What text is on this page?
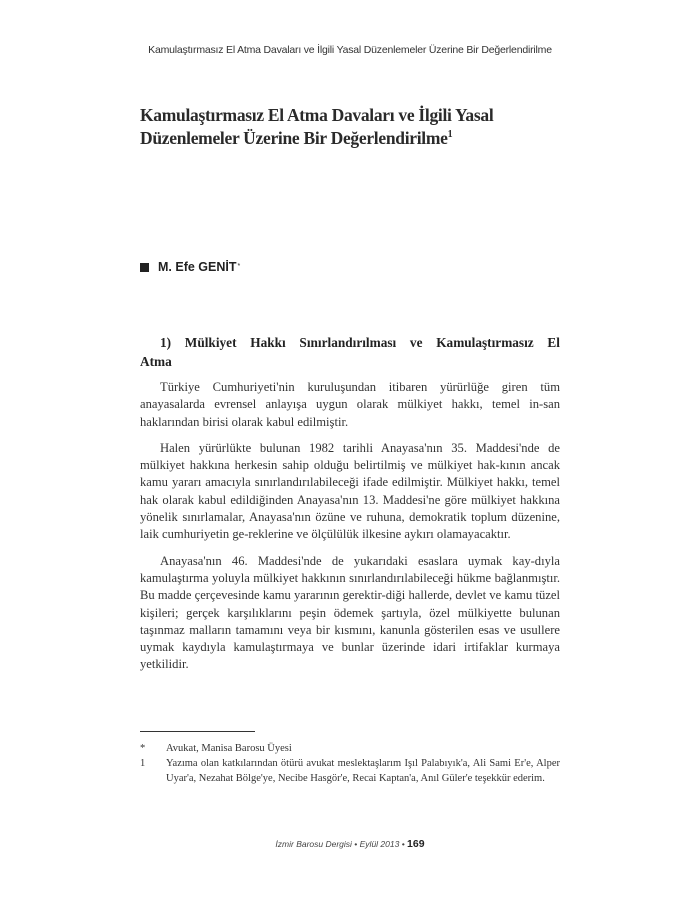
Kamulaştırmasız El Atma Davaları ve İlgili Yasal Düzenlemeler Üzerine Bir Değerlendirilme
Kamulaştırmasız El Atma Davaları ve İlgili Yasal Düzenlemeler Üzerine Bir Değerlendirilme$^1$
M. Efe GENİT *
1) Mülkiyet Hakkı Sınırlandırılması ve Kamulaştırmasız El
Atma

Türkiye Cumhuriyeti'nin kuruluşundan itibaren yürürlüğe giren tüm anayasalarda evrensel anlayışa uygun olarak mülkiyet hakkı, temel in-san haklarından birisi olarak kabul edilmiştir.

Halen yürürlükte bulunan 1982 tarihli Anayasa'nın 35. Maddesi'nde de mülkiyet hakkına herkesin sahip olduğu belirtilmiş ve mülkiyet hak-kının ancak kamu yararı amacıyla sınırlandırılabileceği ifade edilmiştir. Mülkiyet hakkı, temel hak olarak kabul edildiğinden Anayasa'nın 13. Maddesi'ne göre mülkiyet hakkına yönelik sınırlamalar, Anayasa'nın özüne ve ruhuna, demokratik toplum düzenine, laik cumhuriyetin ge-reklerine ve ölçülülük ilkesine aykırı olamayacaktır.

Anayasa'nın 46. Maddesi'nde de yukarıdaki esaslara uymak kay-dıyla kamulaştırma yoluyla mülkiyet hakkının sınırlandırılabileceği hükme bağlanmıştır. Bu madde çerçevesinde kamu yararının gerektir-diği hallerde, devlet ve kamu tüzel kişileri; gerçek karşılıklarını peşin ödemek şartıyla, özel mülkiyette bulunan taşınmaz malların tamamını veya bir kısmını, kanunla gösterilen esas ve usullere uymak kaydıyla kamulaştırmaya ve bunlar üzerinde idari irtifaklar kurmaya yetkilidir.

*	Avukat, Manisa Barosu Üyesi
1	Yazıma olan katkılarından ötürü avukat meslektaşlarım Işıl Palabıyık'a, Ali Sami Er'e, Alper Uyar'a, Nezahat Bölge'ye, Necibe Hasgör'e, Recai Kaptan'a, Anıl Güler'e teşekkür ederim.
İzmir Barosu Dergisi • Eylül 2013 • 169
